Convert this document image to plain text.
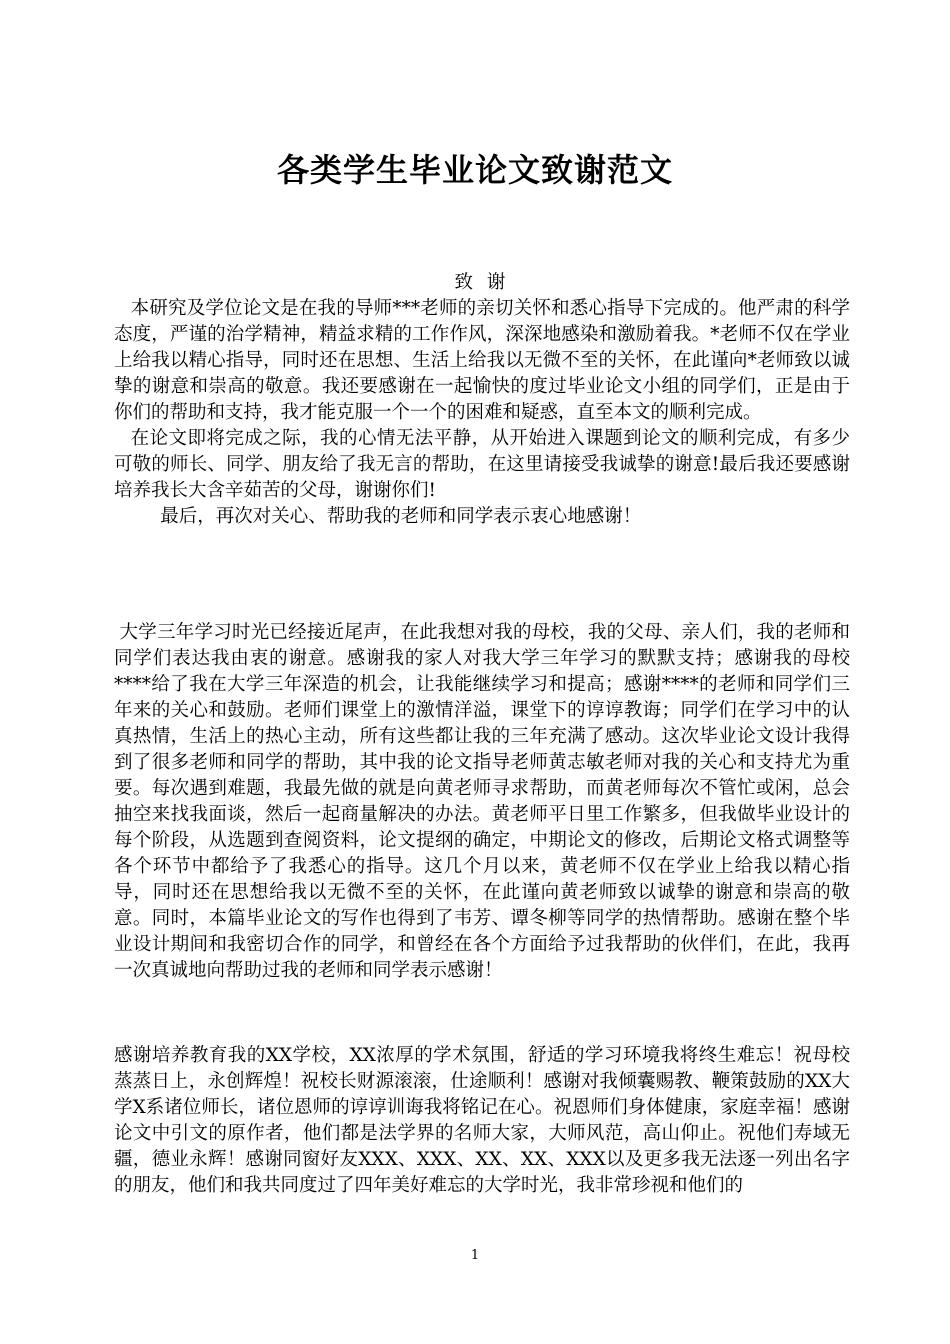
各类学生毕业论文致谢范文

致 谢

本研究及学位论文是在我的导师***老师的亲切关怀和悉心指导下完成的。他严肃的科学态度，严谨的治学精神，精益求精的工作作风，深深地感染和激励着我。*老师不仅在学业上给我以精心指导，同时还在思想、生活上给我以无微不至的关怀，在此谨向*老师致以诚挚的谢意和崇高的敬意。我还要感谢在一起愉快的度过毕业论文小组的同学们，正是由于你们的帮助和支持，我才能克服一个一个的困难和疑惑，直至本文的顺利完成。

在论文即将完成之际，我的心情无法平静，从开始进入课题到论文的顺利完成，有多少可敬的师长、同学、朋友给了我无言的帮助，在这里请接受我诚挚的谢意!最后我还要感谢培养我长大含辛茹苦的父母，谢谢你们!

最后，再次对关心、帮助我的老师和同学表示衷心地感谢！

大学三年学习时光已经接近尾声，在此我想对我的母校，我的父母、亲人们，我的老师和同学们表达我由衷的谢意。感谢我的家人对我大学三年学习的默默支持；感谢我的母校****给了我在大学三年深造的机会，让我能继续学习和提高；感谢****的老师和同学们三年来的关心和鼓励。老师们课堂上的激情洋溢，课堂下的谆谆教诲；同学们在学习中的认真热情，生活上的热心主动，所有这些都让我的三年充满了感动。这次毕业论文设计我得到了很多老师和同学的帮助，其中我的论文指导老师黄志敏老师对我的关心和支持尤为重要。每次遇到难题，我最先做的就是向黄老师寻求帮助，而黄老师每次不管忙或闲，总会抽空来找我面谈，然后一起商量解决的办法。黄老师平日里工作繁多，但我做毕业设计的每个阶段，从选题到查阅资料，论文提纲的确定，中期论文的修改，后期论文格式调整等各个环节中都给予了我悉心的指导。这几个月以来，黄老师不仅在学业上给我以精心指导，同时还在思想给我以无微不至的关怀，在此谨向黄老师致以诚挚的谢意和崇高的敬意。同时，本篇毕业论文的写作也得到了韦芳、谭冬柳等同学的热情帮助。感谢在整个毕业设计期间和我密切合作的同学，和曾经在各个方面给予过我帮助的伙伴们，在此，我再一次真诚地向帮助过我的老师和同学表示感谢！

感谢培养教育我的XX学校，XX浓厚的学术氛围，舒适的学习环境我将终生难忘！祝母校蒸蒸日上，永创辉煌！祝校长财源滚滚，仕途顺利！感谢对我倾囊赐教、鞭策鼓励的XX大学X系诸位师长，诸位恩师的谆谆训诲我将铭记在心。祝恩师们身体健康，家庭幸福！感谢论文中引文的原作者，他们都是法学界的名师大家，大师风范，高山仰止。祝他们寿域无疆，德业永辉！感谢同窗好友XXX、XXX、XX、XX、XXX以及更多我无法逐一列出名字的朋友，他们和我共同度过了四年美好难忘的大学时光，我非常珍视和他们的

1
